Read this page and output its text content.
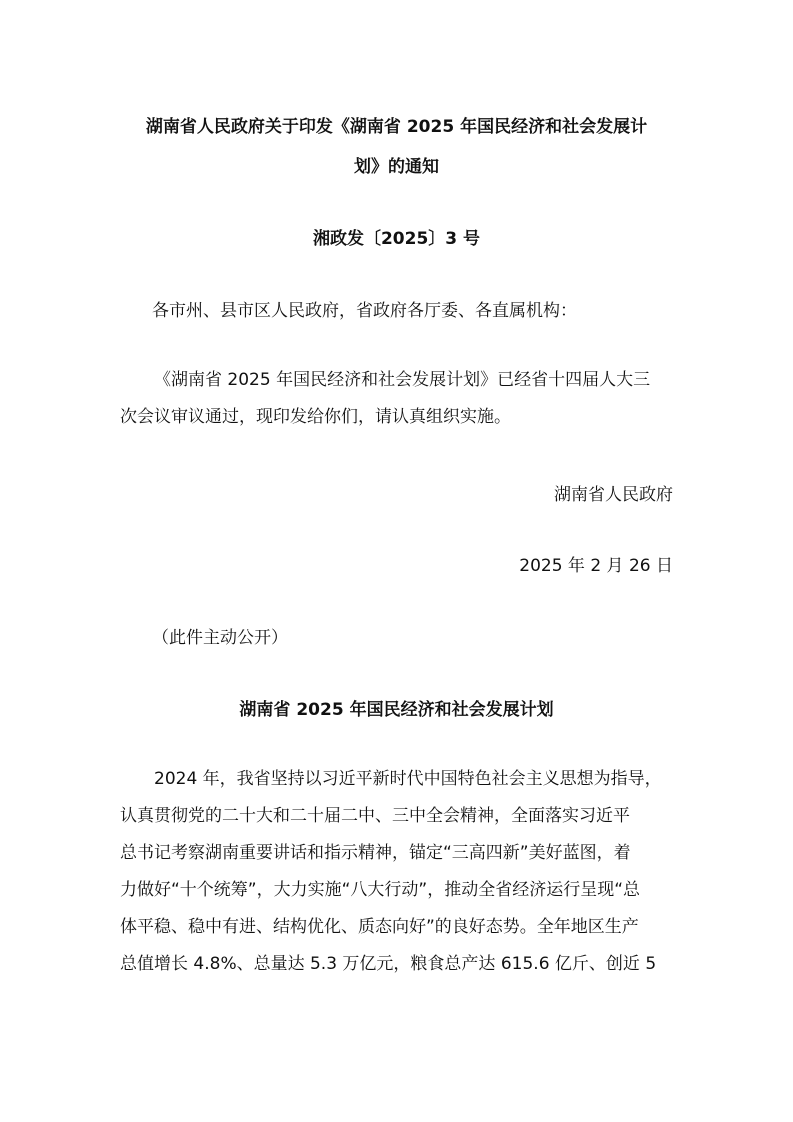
湖南省人民政府关于印发《湖南省 2025 年国民经济和社会发展计

划》的通知

湘政发〔2025〕3 号

各市州、县市区人民政府，省政府各厅委、各直属机构：

《湖南省 2025 年国民经济和社会发展计划》已经省十四届人大三
次会议审议通过，现印发给你们，请认真组织实施。

湖南省人民政府

2025 年 2 月 26 日

（此件主动公开）

湖南省 2025 年国民经济和社会发展计划

2024 年，我省坚持以习近平新时代中国特色社会主义思想为指导，
认真贯彻党的二十大和二十届二中、三中全会精神，全面落实习近平
总书记考察湖南重要讲话和指示精神，锚定“三高四新”美好蓝图，着
力做好“十个统筹”，大力实施“八大行动”，推动全省经济运行呈现“总
体平稳、稳中有进、结构优化、质态向好”的良好态势。全年地区生产
总值增长 4.8%、总量达 5.3 万亿元，粮食总产达 615.6 亿斤、创近 5
